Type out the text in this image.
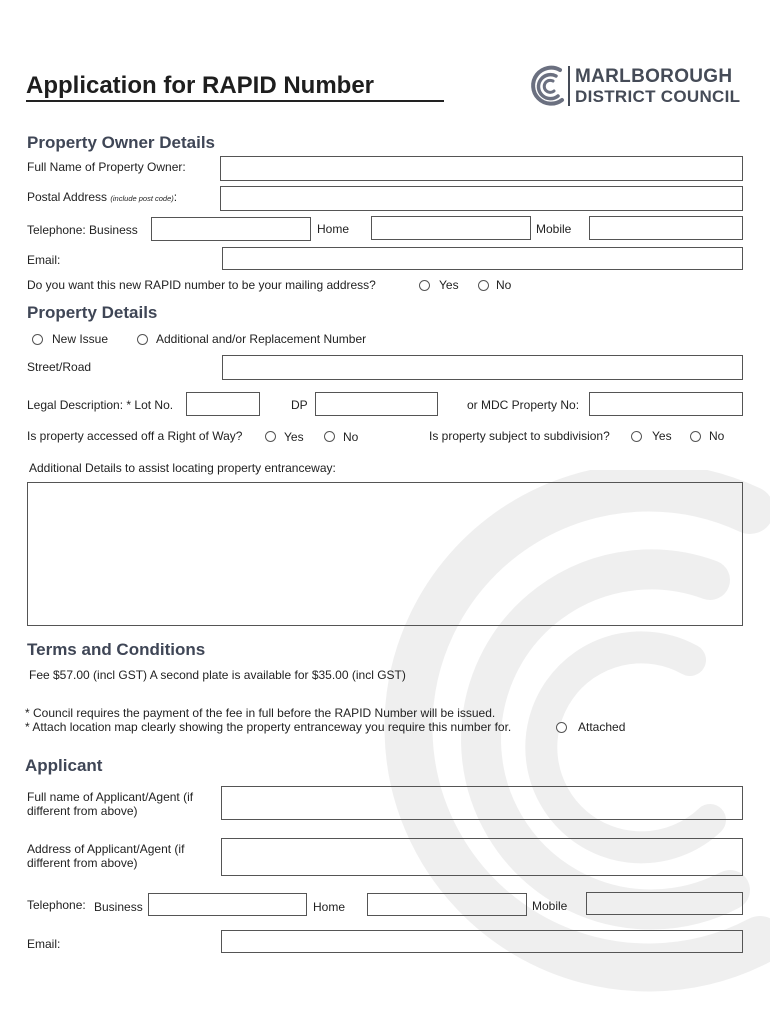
Application for RAPID Number	MARLBOROUGH
DISTRICT COUNCIL
Property Owner Details
Full Name of Property Owner:
Postal Address (include post code):
Telephone: Business	Home	Mobile
Email:
Do you want this new RAPID number to be your mailing address?	Yes	No
Property Details
New Issue	Additional and/or Replacement Number
Street/Road
Legal Description: * Lot No.	DP	or MDC Property No:
Is property accessed off a Right of Way?	Yes	No	Is property subject to subdivision?	Yes	No
Additional Details to assist locating property entranceway:
Terms and Conditions
Fee $57.00 (incl GST) A second plate is available for $35.00 (incl GST)
* Council requires the payment of the fee in full before the RAPID Number will be issued.
* Attach location map clearly showing the property entranceway you require this number for.	Attached
Applicant
Full name of Applicant/Agent (if
different from above)
Address of Applicant/Agent (if
different from above)
Telephone: Business	Home	Mobile
Email:
